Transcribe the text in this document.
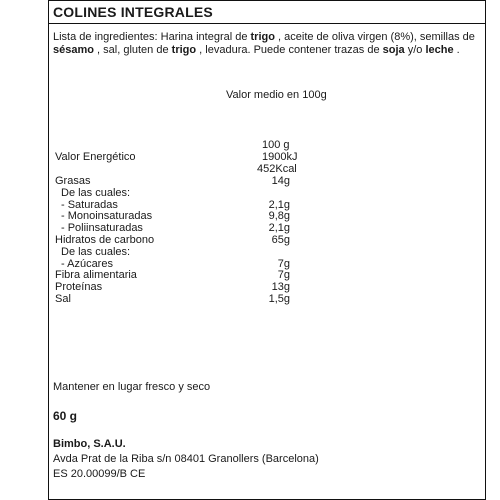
COLINES INTEGRALES
Lista de ingredientes: Harina integral de trigo , aceite de oliva virgen (8%), semillas de sésamo , sal, gluten de trigo , levadura. Puede contener trazas de soja y/o leche .
Valor medio en 100g
100 g
Valor Energético	1900kJ
452Kcal
Grasas	14g
De las cuales:
- Saturadas	2,1g
- Monoinsaturadas	9,8g
- Poliinsaturadas	2,1g
Hidratos de carbono	65g
De las cuales:
- Azúcares	7g
Fibra alimentaria	7g
Proteínas	13g
Sal	1,5g
Mantener en lugar fresco y seco
60 g
Bimbo, S.A.U.
Avda Prat de la Riba s/n 08401 Granollers (Barcelona)
ES 20.00099/B CE
